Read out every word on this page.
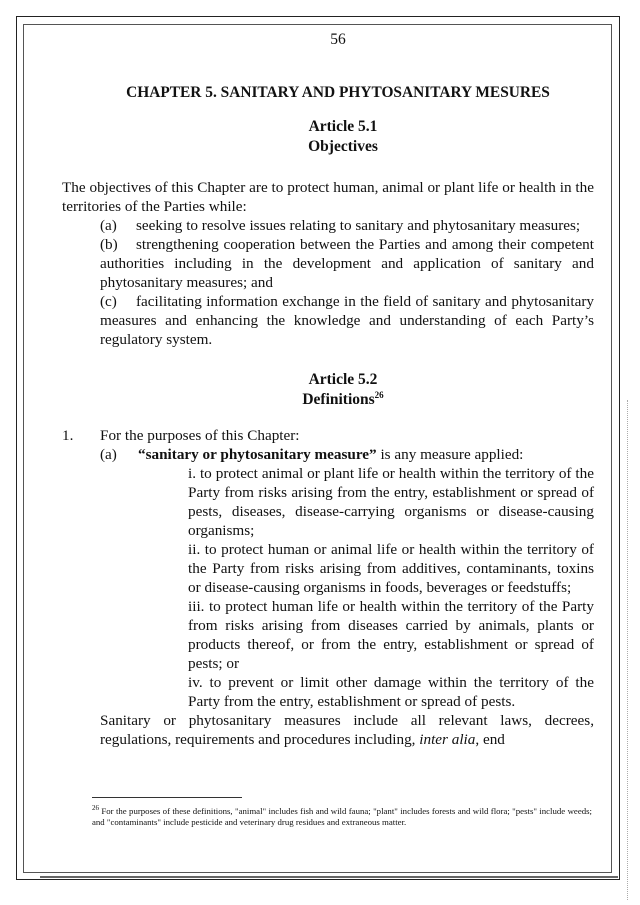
56
CHAPTER 5. SANITARY AND PHYTOSANITARY MESURES
Article 5.1
Objectives
The objectives of this Chapter are to protect human, animal or plant life or health in the territories of the Parties while:
(a) seeking to resolve issues relating to sanitary and phytosanitary measures;
(b) strengthening cooperation between the Parties and among their competent authorities including in the development and application of sanitary and phytosanitary measures; and
(c) facilitating information exchange in the field of sanitary and phytosanitary measures and enhancing the knowledge and understanding of each Party’s regulatory system.
Article 5.2
Definitions$^{26}$
1. For the purposes of this Chapter:
(a) “sanitary or phytosanitary measure” is any measure applied:
i. to protect animal or plant life or health within the territory of the Party from risks arising from the entry, establishment or spread of pests, diseases, disease-carrying organisms or disease-causing organisms;
ii. to protect human or animal life or health within the territory of the Party from risks arising from additives, contaminants, toxins or disease-causing organisms in foods, beverages or feedstuffs;
iii. to protect human life or health within the territory of the Party from risks arising from diseases carried by animals, plants or products thereof, or from the entry, establishment or spread of pests; or
iv. to prevent or limit other damage within the territory of the Party from the entry, establishment or spread of pests.
Sanitary or phytosanitary measures include all relevant laws, decrees, regulations, requirements and procedures including, inter alia, end
$^{26}$ For the purposes of these definitions, "animal" includes fish and wild fauna; "plant" includes forests and wild flora; "pests" include weeds; and "contaminants" include pesticide and veterinary drug residues and extraneous matter.
